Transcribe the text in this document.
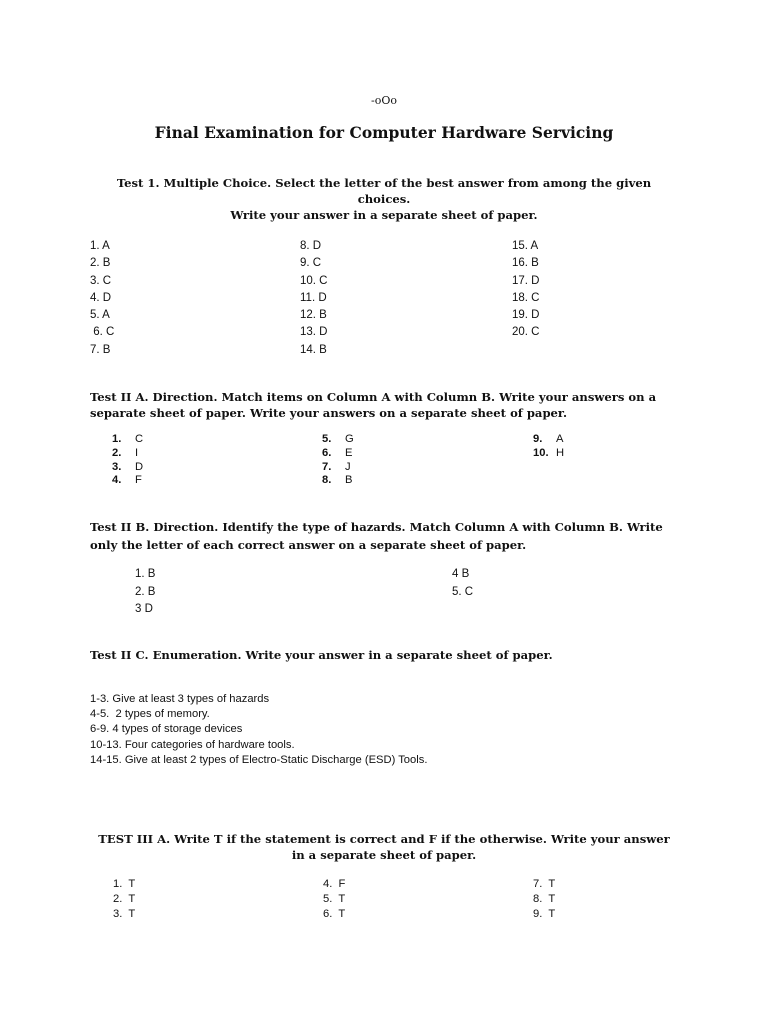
-oOo
Final Examination for Computer Hardware Servicing
Test 1. Multiple Choice. Select the letter of the best answer from among the given
choices.
Write your answer in a separate sheet of paper.
1. A
2. B
3. C
4. D
5. A
6. C
7. B
8. D
9. C
10. C
11. D
12. B
13. D
14. B
15. A
16. B
17. D
18. C
19. D
20. C
Test II A. Direction. Match items on Column A with Column B. Write your answers on a
separate sheet of paper. Write your answers on a separate sheet of paper.
1. C
2. I
3. D
4. F
5. G
6. E
7. J
8. B
9. A
10. H
Test II B. Direction. Identify the type of hazards. Match Column A with Column B. Write
only the letter of each correct answer on a separate sheet of paper.
1. B
2. B
3 D
4 B
5. C
Test II C. Enumeration. Write your answer in a separate sheet of paper.
1-3. Give at least 3 types of hazards
4-5.  2 types of memory.
6-9. 4 types of storage devices
10-13. Four categories of hardware tools.
14-15. Give at least 2 types of Electro-Static Discharge (ESD) Tools.
TEST III A. Write T if the statement is correct and F if the otherwise. Write your answer
in a separate sheet of paper.
1.  T
2.  T
3.  T
4.  F
5.  T
6.  T
7.  T
8.  T
9.  T
